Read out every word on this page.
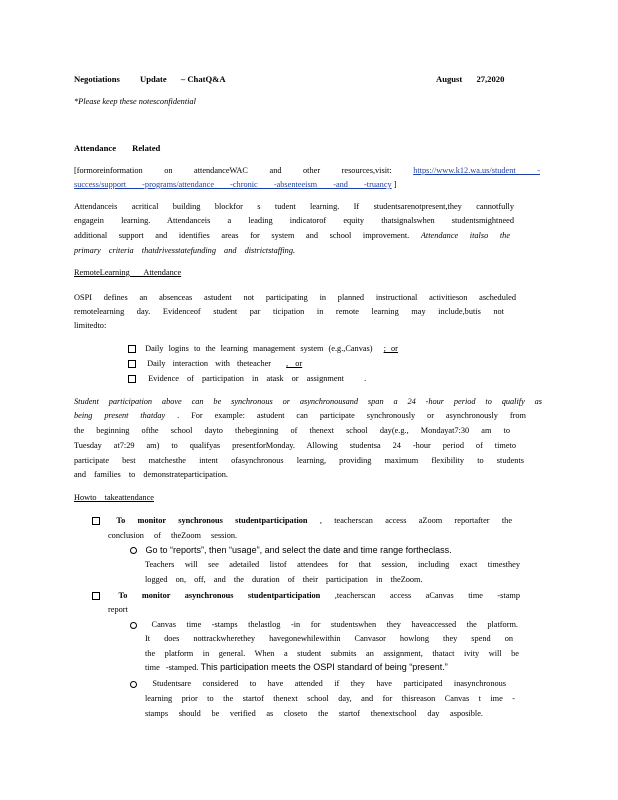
Negotiations Update – ChatQ&A	August 27,2020
*Please keep these notesconfidential
Attendance Related
[formoreinformation on attendanceWAC and other resources,visit:	https://www.k12.wa.us/student -
success/support -programs/attendance -chronic -absenteeism -and -truancy ]
Attendanceis acritical building blockfor s tudent learning. If studentsarenotpresent,they cannotfully
engagein learning. Attendanceis a leading indicatorof equity thatsignalswhen studentsmightneed
additional support and identifies areas for system and school improvement. Attendance italso the
primary criteria thatdrivesstatefunding and districtstaffing.
RemoteLearning Attendance
OSPI defines an absenceas astudent not participating in planned instructional activitieson ascheduled
remotelearning day. Evidenceof student par ticipation in remote learning may include,butis not
limitedto:
Daily logins to the learning management system (e.g.,Canvas) ; or
Daily interaction with theteacher , or
Evidence of participation in atask or assignment .
Student participation above can be synchronous or asynchronousand span a 24 -hour period to qualify as
being present thatday . For example: astudent can participate synchronously or asynchronously from
the beginning ofthe school dayto thebeginning of thenext school day(e.g., Mondayat7:30 am to
Tuesday at7:29 am) to qualifyas presentforMonday. Allowing studentsa 24 -hour period of timeto
participate best matchesthe intent ofasynchronous learning, providing maximum flexibility to students
and families to demonstrateparticipation.
Howto takeattendance
To monitor synchronous studentparticipation , teacherscan access aZoom reportafter the
conclusion of theZoom session.
Go to “reports”, then “usage”, and select the date and time range fortheclass.
Teachers will see adetailed listof attendees for that session, including exact timesthey
logged on, off, and the duration of their participation in theZoom.
To monitor asynchronous studentparticipation ,teacherscan access aCanvas time -stamp
report
Canvas time -stamps thelastlog -in for studentswhen they haveaccessed the platform.
It does nottrackwherethey havegonewhilewithin Canvasor howlong they spend on
the platform in general. When a student submits an assignment, thatact ivity will be
time -stamped. This participation meets the OSPI standard of being “present.”
Studentsare considered to have attended if they have participated inasynchronous
learning prior to the startof thenext school day, and for thisreason Canvas t ime -
stamps should be verified as closeto the startof thenextschool day asposible.
